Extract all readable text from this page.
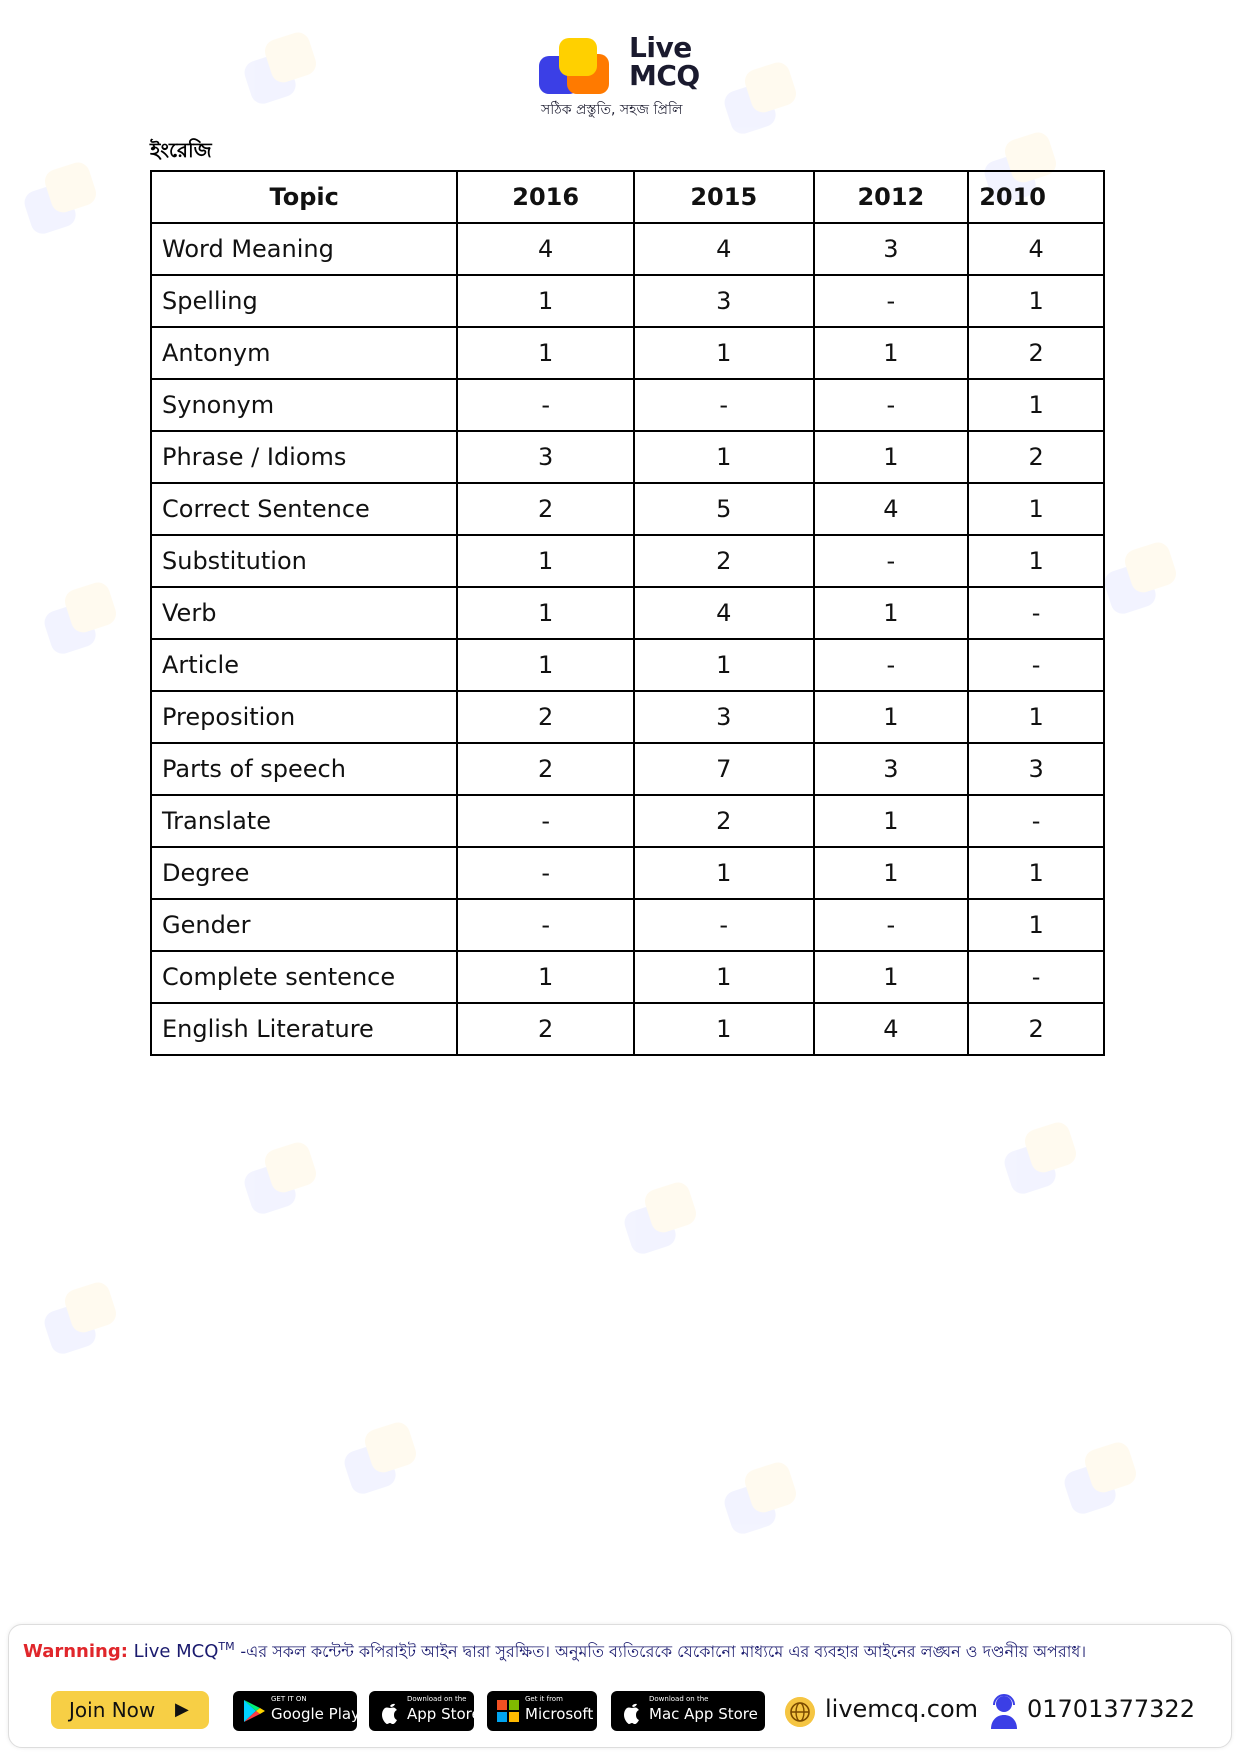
Live
MCQ
সঠিক প্রস্তুতি, সহজ প্রিলি
ইংরেজি
Topic	2016	2015	2012	2010
Word Meaning	4	4	3	4
Spelling	1	3	-	1
Antonym	1	1	1	2
Synonym	-	-	-	1
Phrase / Idioms	3	1	1	2
Correct Sentence	2	5	4	1
Substitution	1	2	-	1
Verb	1	4	1	-
Article	1	1	-	-
Preposition	2	3	1	1
Parts of speech	2	7	3	3
Translate	-	2	1	-
Degree	-	1	1	1
Gender	-	-	-	1
Complete sentence	1	1	1	-
English Literature	2	1	4	2
Warnning: Live MCQ™ -এর সকল কন্টেন্ট কপিরাইট আইন দ্বারা সুরক্ষিত। অনুমতি ব্যতিরেকে যেকোনো মাধ্যমে এর ব্যবহার আইনের লঙ্ঘন ও দণ্ডনীয় অপরাধ।
Join Now ▶	GET IT ON
Google Play
Download on the
App Store
Get it from
Microsoft
Download on the
Mac App Store	livemcq.com 01701377322
